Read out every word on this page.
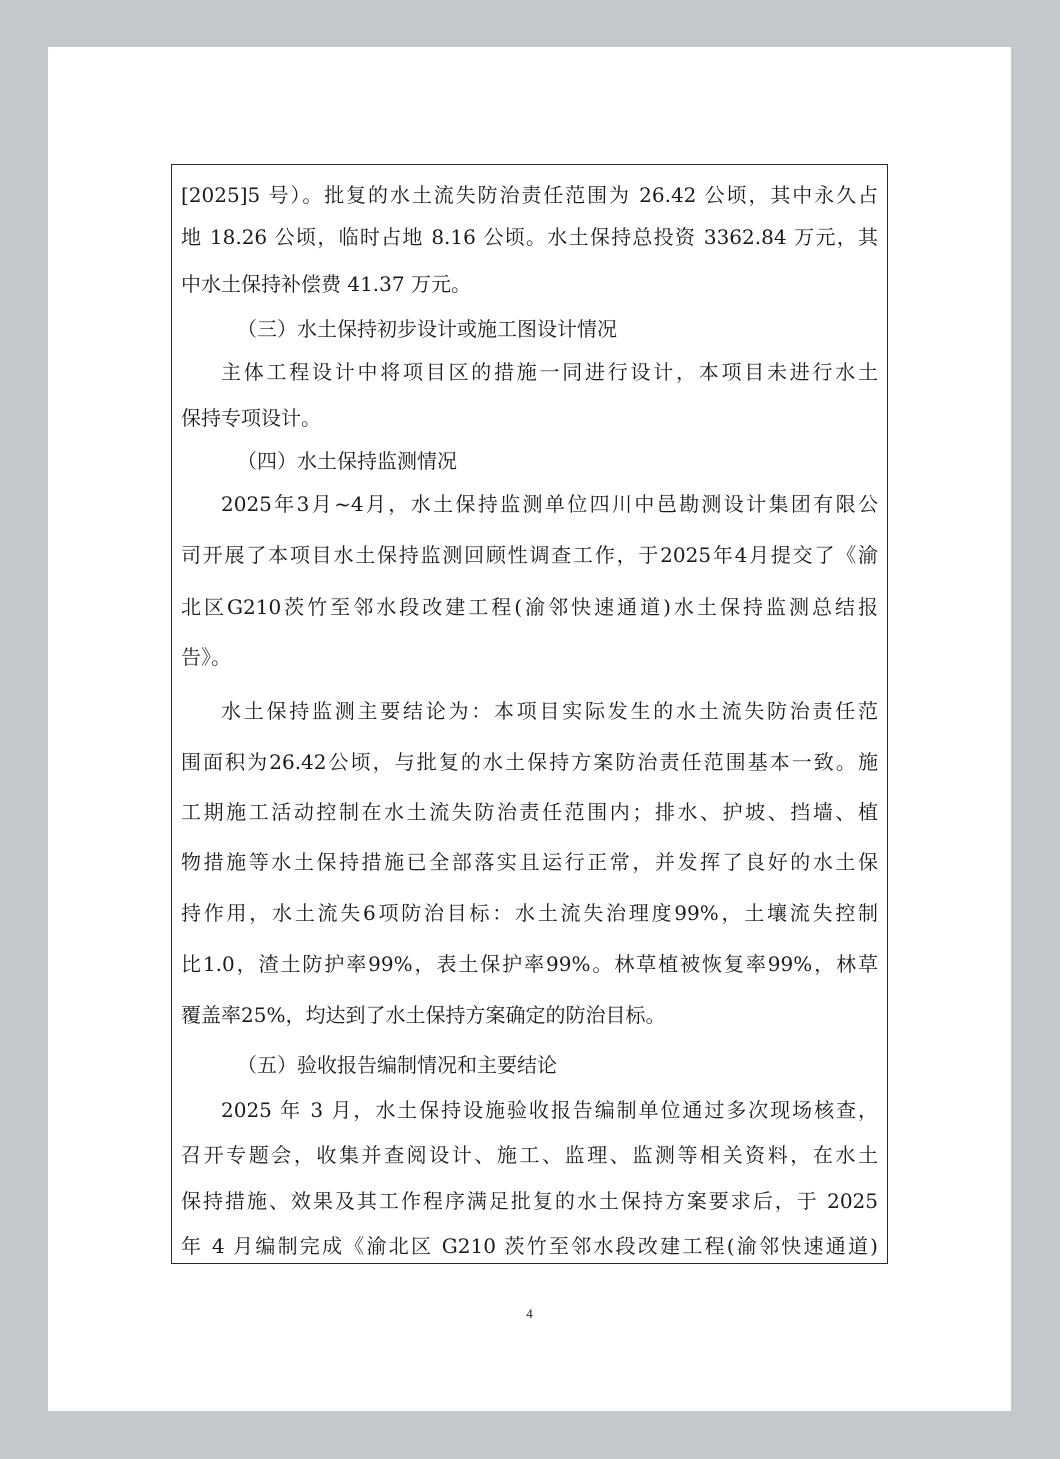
[2025]5 号）。批复的水土流失防治责任范围为 26.42 公顷，其中永久占
地 18.26 公顷，临时占地 8.16 公顷。水土保持总投资 3362.84 万元，其
中水土保持补偿费 41.37 万元。
（三）水土保持初步设计或施工图设计情况
主体工程设计中将项目区的措施一同进行设计，本项目未进行水土
保持专项设计。
（四）水土保持监测情况
2025年3月~4月，水土保持监测单位四川中邑勘测设计集团有限公
司开展了本项目水土保持监测回顾性调查工作，于2025年4月提交了《渝
北区G210茨竹至邻水段改建工程(渝邻快速通道)水土保持监测总结报
告》。
水土保持监测主要结论为：本项目实际发生的水土流失防治责任范
围面积为26.42公顷，与批复的水土保持方案防治责任范围基本一致。施
工期施工活动控制在水土流失防治责任范围内；排水、护坡、挡墙、植
物措施等水土保持措施已全部落实且运行正常，并发挥了良好的水土保
持作用，水土流失6项防治目标：水土流失治理度99%，土壤流失控制
比1.0，渣土防护率99%，表土保护率99%。林草植被恢复率99%，林草
覆盖率25%，均达到了水土保持方案确定的防治目标。
（五）验收报告编制情况和主要结论
2025 年 3 月，水土保持设施验收报告编制单位通过多次现场核查，
召开专题会，收集并查阅设计、施工、监理、监测等相关资料，在水土
保持措施、效果及其工作程序满足批复的水土保持方案要求后，于 2025
年 4 月编制完成《渝北区 G210 茨竹至邻水段改建工程(渝邻快速通道)
4
